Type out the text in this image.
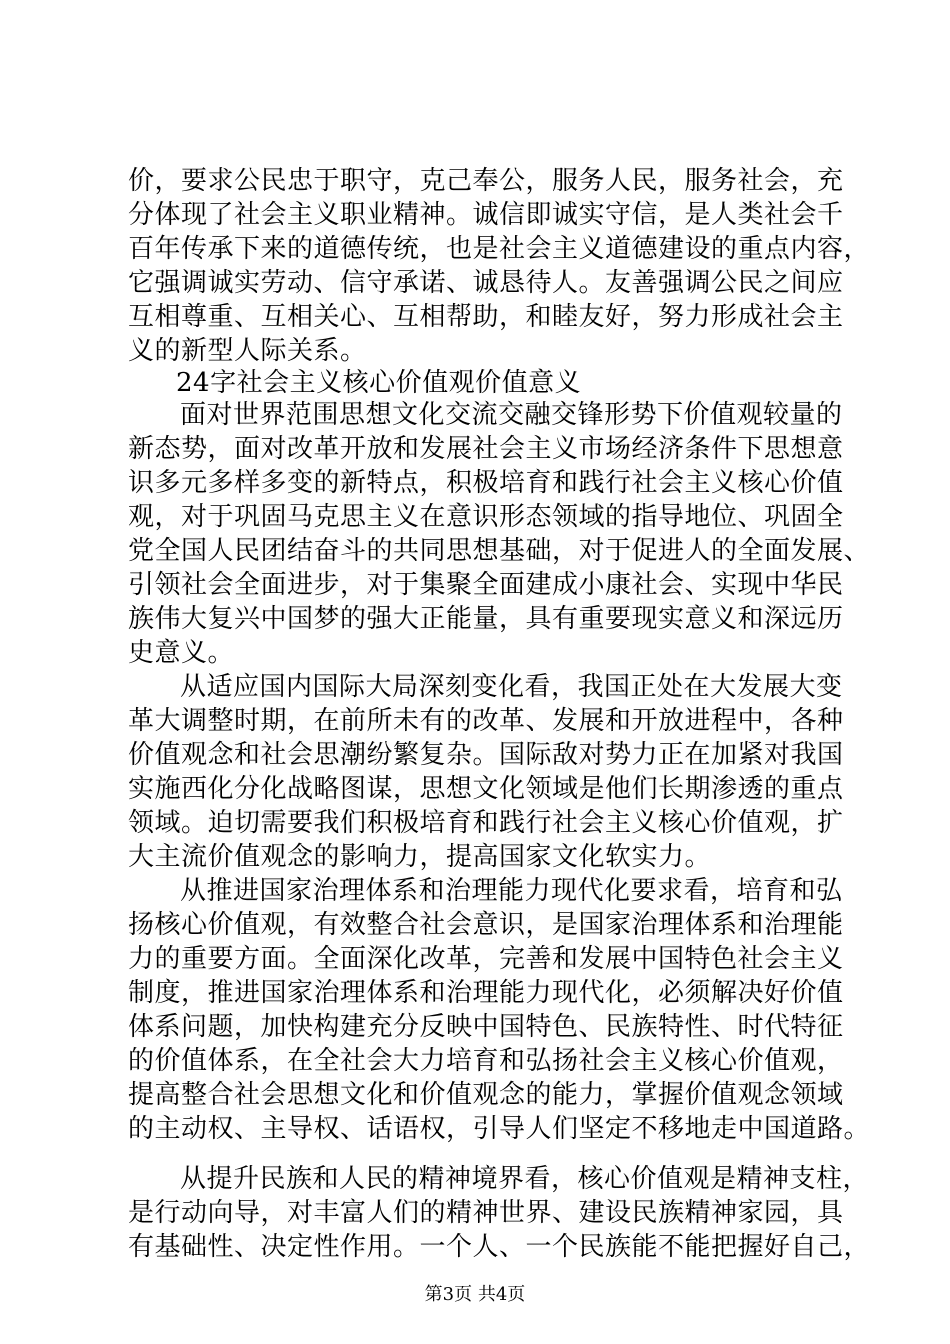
价，要求公民忠于职守，克己奉公，服务人民，服务社会，充
分体现了社会主义职业精神。诚信即诚实守信，是人类社会千
百年传承下来的道德传统，也是社会主义道德建设的重点内容，
它强调诚实劳动、信守承诺、诚恳待人。友善强调公民之间应
互相尊重、互相关心、互相帮助，和睦友好，努力形成社会主
义的新型人际关系。
24字社会主义核心价值观价值意义
面对世界范围思想文化交流交融交锋形势下价值观较量的
新态势，面对改革开放和发展社会主义市场经济条件下思想意
识多元多样多变的新特点，积极培育和践行社会主义核心价值
观，对于巩固马克思主义在意识形态领域的指导地位、巩固全
党全国人民团结奋斗的共同思想基础，对于促进人的全面发展、
引领社会全面进步，对于集聚全面建成小康社会、实现中华民
族伟大复兴中国梦的强大正能量，具有重要现实意义和深远历
史意义。
从适应国内国际大局深刻变化看，我国正处在大发展大变
革大调整时期，在前所未有的改革、发展和开放进程中，各种
价值观念和社会思潮纷繁复杂。国际敌对势力正在加紧对我国
实施西化分化战略图谋，思想文化领域是他们长期渗透的重点
领域。迫切需要我们积极培育和践行社会主义核心价值观，扩
大主流价值观念的影响力，提高国家文化软实力。
从推进国家治理体系和治理能力现代化要求看，培育和弘
扬核心价值观，有效整合社会意识，是国家治理体系和治理能
力的重要方面。全面深化改革，完善和发展中国特色社会主义
制度，推进国家治理体系和治理能力现代化，必须解决好价值
体系问题，加快构建充分反映中国特色、民族特性、时代特征
的价值体系，在全社会大力培育和弘扬社会主义核心价值观，
提高整合社会思想文化和价值观念的能力，掌握价值观念领域
的主动权、主导权、话语权，引导人们坚定不移地走中国道路。
从提升民族和人民的精神境界看，核心价值观是精神支柱，
是行动向导，对丰富人们的精神世界、建设民族精神家园，具
有基础性、决定性作用。一个人、一个民族能不能把握好自己，
第3页 共4页
